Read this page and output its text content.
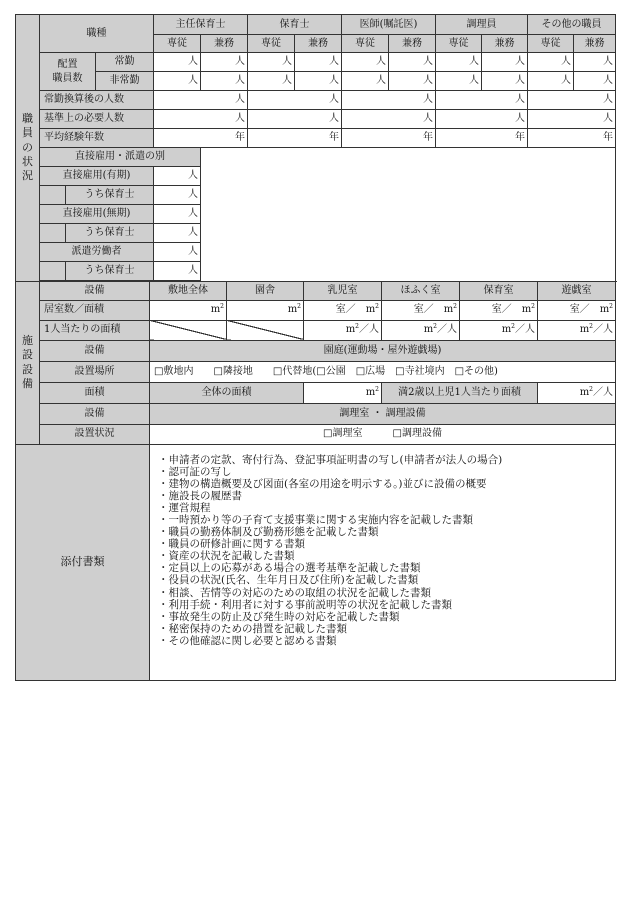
職
員
の
状
況	職種			主任保育士		保育士		医師(嘱託医)		調理員		その他の職員	
				専従	兼務	専従	兼務	専従	兼務	専従	兼務	専従	兼務

	配置
職員数		常勤	人	人	人	人	人	人	人	人	人	人
			非常勤	人	人	人	人	人	人	人	人	人	人
	常勤換算後の人数			人		人		人		人		人	
	基準上の必要人数			人		人		人		人		人	
	平均経験年数			年		年		年		年		年	
	直接雇用・派遣の別												
	直接雇用(有期)			人									
		うち保育士		人									
	直接雇用(無期)			人									
		うち保育士		人									
	派遣労働者			人									
		うち保育士		人									

施
設
設
備	設備	敷地全体	園舎	乳児室	ほふく室	保育室	遊戯室
	居室数／面積	$m^2$	$m^2$	室／  $m^2$	室／  $m^2$	室／  $m^2$	室／  $m^2$
	1人当たりの面積			$m^2/$人	$m^2/$人	$m^2/$人	$m^2/$人
	設備	園庭(運動場・屋外遊戯場)					
	設置場所	□敷地内　　□隣接地　　□代替地(□公園　□広場　□寺社境内　□その他)					
	面積	全体の面積		$m^2$	満2歳以上児1人当たり面積		$m^2/$人
	設備	調理室 ・ 調理設備					
	設置状況	□調理室　　　□調理設備					
添付書類	
・申請者の定款、寄付行為、登記事項証明書の写し(申請者が法人の場合)
・認可証の写し
・建物の構造概要及び図面(各室の用途を明示する。)並びに設備の概要
・施設長の履歴書
・運営規程
・一時預かり等の子育て支援事業に関する実施内容を記載した書類
・職員の勤務体制及び勤務形態を記載した書類
・職員の研修計画に関する書類
・資産の状況を記載した書類
・定員以上の応募がある場合の選考基準を記載した書類
・役員の状況(氏名、生年月日及び住所)を記載した書類
・相談、苦情等の対応のための取組の状況を記載した書類
・利用手続・利用者に対する事前説明等の状況を記載した書類
・事故発生の防止及び発生時の対応を記載した書類
・秘密保持のための措置を記載した書類
・その他確認に関し必要と認める書類
